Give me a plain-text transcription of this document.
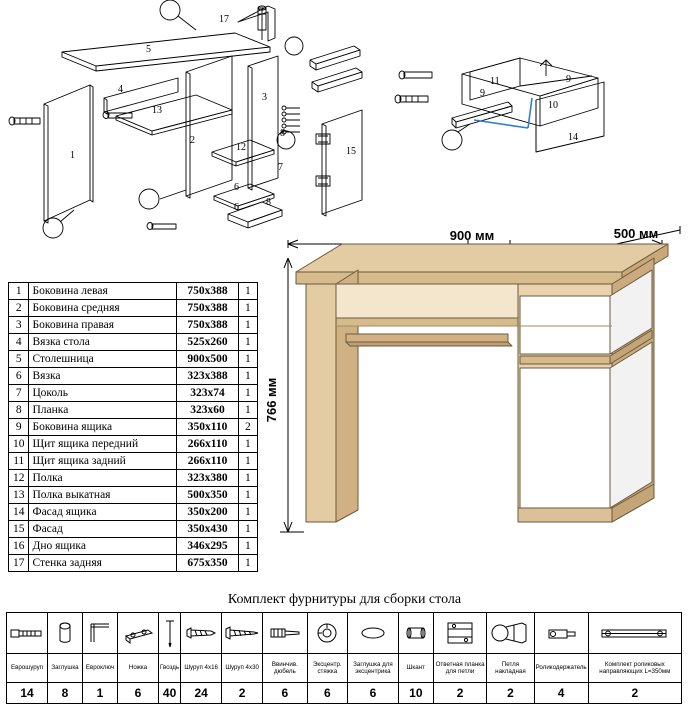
17
5
4
13
3
1
2
12	15
6
7
8
6	8
9
10
11
14
9
1	Боковина левая	750х388	1
2	Боковина средняя	750х388	1
3	Боковина правая	750х388	1
4	Вязка стола	525х260	1
5	Столешница	900х500	1
6	Вязка	323х388	1
7	Цоколь	323х74	1
8	Планка	323х60	1
9	Боковина ящика	350х110	2
10	Щит ящика передний	266х110	1
11	Щит ящика задний	266х110	1
12	Полка	323х380	1
13	Полка выкатная	500х350	1
14	Фасад ящика	350х200	1
15	Фасад	350х430	1
16	Дно ящика	346х295	1
17	Стенка задняя	675х350	1
900 мм	500 мм
766 мм
Комплект фурнитуры для сборки стола

Еврошуруп	Заглушка	Евроключ	Ножка	Гвоздь	Шуруп 4х16	Шуруп 4х30	Ввинчив. дюбель	Эксцентр. стяжка	Заглушка для эксцентрика	Шкант	Ответная планка для петли	Петля накладная	Роликодержатель	Комплект роликовых направляющих L=350мм
14	8	1	6	40	24	2	6	6	6	10	2	2	4	2
